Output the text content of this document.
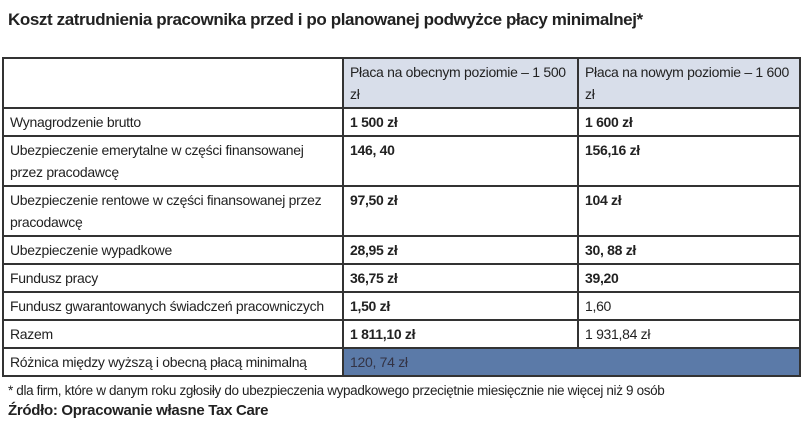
Koszt zatrudnienia pracownika przed i po planowanej podwyżce płacy minimalnej*
	Płaca na obecnym poziomie – 1 500 zł	Płaca na nowym poziomie – 1 600 zł
Wynagrodzenie brutto	1 500 zł	1 600 zł
Ubezpieczenie emerytalne w części finansowanej przez pracodawcę	146, 40	156,16 zł
Ubezpieczenie rentowe w części finansowanej przez pracodawcę	97,50 zł	104 zł
Ubezpieczenie wypadkowe	28,95 zł	30, 88 zł
Fundusz pracy	36,75 zł	39,20
Fundusz gwarantowanych świadczeń pracowniczych	1,50 zł	1,60
Razem	1 811,10 zł	1 931,84 zł
Różnica między wyższą i obecną płacą minimalną	120, 74 zł	
* dla firm, które w danym roku zgłosiły do ubezpieczenia wypadkowego przeciętnie miesięcznie nie więcej niż 9 osób
Źródło: Opracowanie własne Tax Care
